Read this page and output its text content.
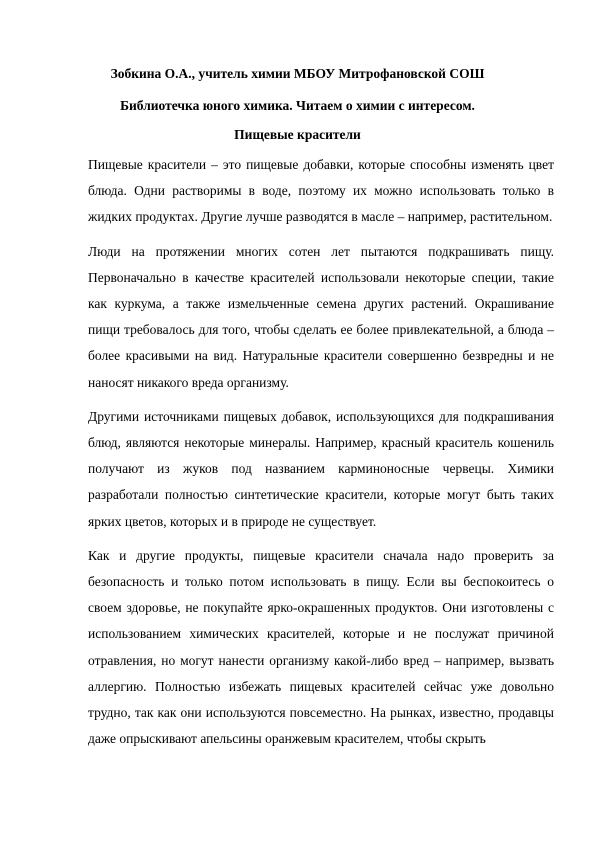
Зобкина О.А., учитель химии МБОУ Митрофановской СОШ
Библиотечка юного химика. Читаем о химии с интересом.
Пищевые красители

Пищевые красители – это пищевые добавки, которые способны изменять цвет блюда. Одни растворимы в воде, поэтому их можно использовать только в жидких продуктах. Другие лучше разводятся в масле – например, растительном.

Люди на протяжении многих сотен лет пытаются подкрашивать пищу. Первоначально в качестве красителей использовали некоторые специи, такие как куркума, а также измельченные семена других растений. Окрашивание пищи требовалось для того, чтобы сделать ее более привлекательной, а блюда – более красивыми на вид. Натуральные красители совершенно безвредны и не наносят никакого вреда организму.

Другими источниками пищевых добавок, использующихся для подкрашивания блюд, являются некоторые минералы. Например, красный краситель кошениль получают из жуков под названием карминоносные червецы. Химики разработали полностью синтетические красители, которые могут быть таких ярких цветов, которых и в природе не существует.

Как и другие продукты, пищевые красители сначала надо проверить за безопасность и только потом использовать в пищу. Если вы беспокоитесь о своем здоровье, не покупайте ярко-окрашенных продуктов. Они изготовлены с использованием химических красителей, которые и не послужат причиной отравления, но могут нанести организму какой-либо вред – например, вызвать аллергию. Полностью избежать пищевых красителей сейчас уже довольно трудно, так как они используются повсеместно. На рынках, известно, продавцы даже опрыскивают апельсины оранжевым красителем, чтобы скрыть
